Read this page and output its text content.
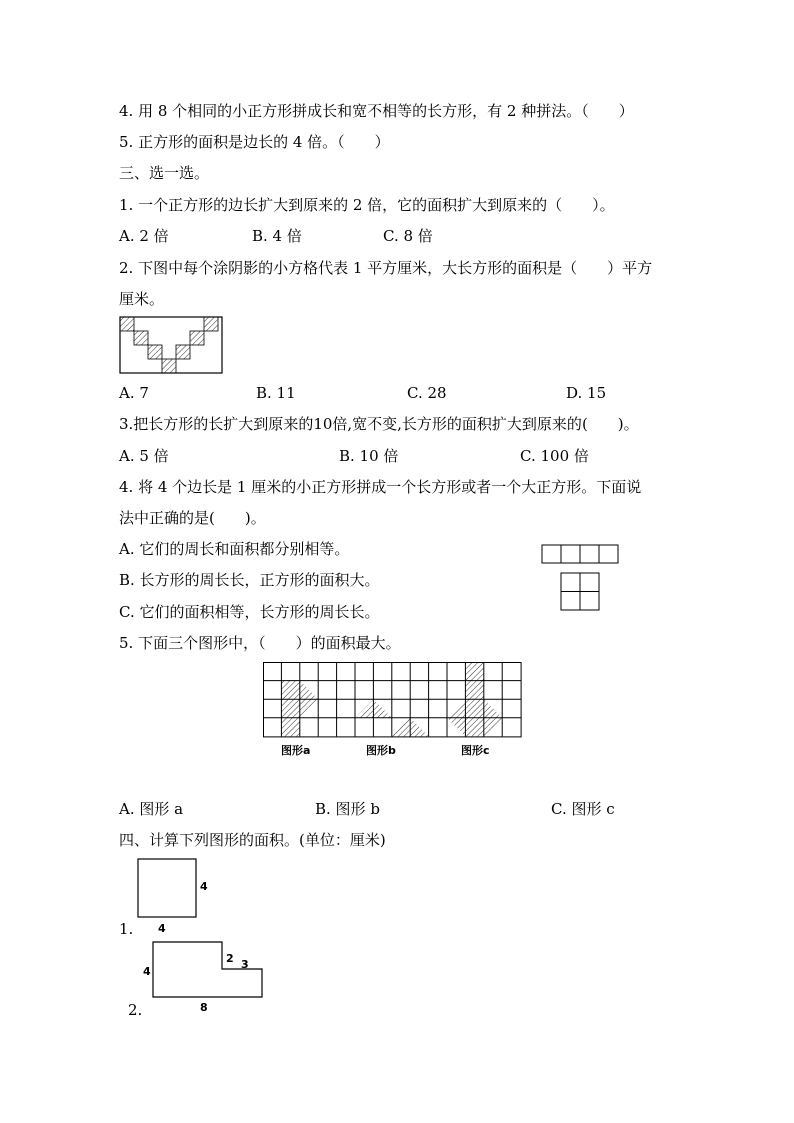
4. 用 8 个相同的小正方形拼成长和宽不相等的长方形，有 2 种拼法。（　　）
5. 正方形的面积是边长的 4 倍。（　　）
三、选一选。
1. 一个正方形的边长扩大到原来的 2 倍，它的面积扩大到原来的（　　）。
A. 2 倍	B. 4 倍	C. 8 倍
2. 下图中每个涂阴影的小方格代表 1 平方厘米，大长方形的面积是（　　）平方
厘米。
A. 7	B. 11	C. 28	D. 15
3.把长方形的长扩大到原来的10倍,宽不变,长方形的面积扩大到原来的(　　)。
A. 5 倍	B. 10 倍	C. 100 倍
4. 将 4 个边长是 1 厘米的小正方形拼成一个长方形或者一个大正方形。下面说
法中正确的是(　　)。
A. 它们的周长和面积都分别相等。
B. 长方形的周长长，正方形的面积大。
C. 它们的面积相等，长方形的周长长。
5. 下面三个图形中，（　　）的面积最大。
图形a	图形b	图形c
A. 图形 a	B. 图形 b	C. 图形 c
四、计算下列图形的面积。(单位：厘米)
4
4
1.
4
2 3
8
2.
